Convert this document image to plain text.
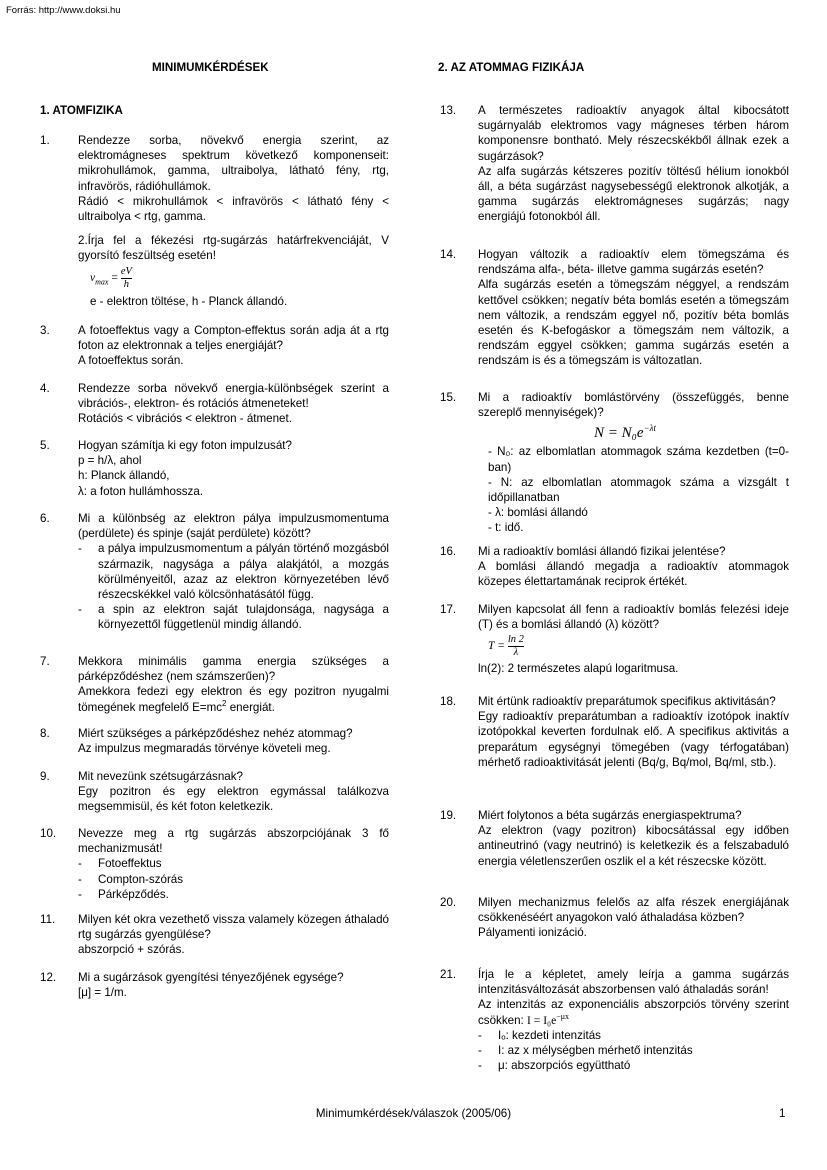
Forrás: http://www.doksi.hu
MINIMUMKÉRDÉSEK
1. ATOMFIZIKA
1. Rendezze sorba, növekvő energia szerint, az elektromágneses spektrum következő komponenseit: mikrohullámok, gamma, ultraibolya, látható fény, rtg, infravörös, rádióhullámok.

Rádió < mikrohullámok < infravörös < látható fény < ultraibolya < rtg, gamma.

2.Írja fel a fékezési rtg-sugárzás határfrekvenciáját, V gyorsító feszültség esetén!

$\nu_{max} = \frac{eV}{h}$

e - elektron töltése, h - Planck állandó.

3. A fotoeffektus vagy a Compton-effektus során adja át a rtg foton az elektronnak a teljes energiáját?

A fotoeffektus során.

4. Rendezze sorba növekvő energia-különbségek szerint a vibrációs-, elektron- és rotációs átmeneteket!

Rotációs < vibrációs < elektron - átmenet.

5. Hogyan számítja ki egy foton impulzusát?

p = h/λ, ahol

h: Planck állandó,

λ: a foton hullámhossza.

6. Mi a különbség az elektron pálya impulzusmomentuma (perdülete) és spinje (saját perdülete) között?

- a pálya impulzusmomentum a pályán történő mozgásból származik, nagysága a pálya alakjától, a mozgás körülményeitől, azaz az elektron környezetében lévő részecskékkel való kölcsönhatásától függ.

- a spin az elektron saját tulajdonsága, nagysága a környezettől függetlenül mindig állandó.

7. Mekkora minimális gamma energia szükséges a párképződéshez (nem számszerűen)?

Amekkora fedezi egy elektron és egy pozitron nyugalmi tömegének megfelelő $E=mc^2$ energiát.

8. Miért szükséges a párképződéshez nehéz atommag?

Az impulzus megmaradás törvénye követeli meg.

9. Mit nevezünk szétsugárzásnak?

Egy pozitron és egy elektron egymással találkozva megsemmisül, és két foton keletkezik.

10. Nevezze meg a rtg sugárzás abszorpciójának 3 fő mechanizmusát!

- Fotoeffektus

- Compton-szórás

- Párképződés.

11. Milyen két okra vezethető vissza valamely közegen áthaladó rtg sugárzás gyengülése?

abszorpció + szórás.

12. Mi a sugárzások gyengítési tényezőjének egysége?

[μ] = 1/m.

2. AZ ATOMMAG FIZIKÁJA
13. A természetes radioaktív anyagok által kibocsátott sugárnyaláb elektromos vagy mágneses térben három komponensre bontható. Mely részecskékből állnak ezek a sugárzások?

Az alfa sugárzás kétszeres pozitív töltésű hélium ionokból áll, a béta sugárzást nagysebességű elektronok alkotják, a gamma sugárzás elektromágneses sugárzás; nagy energiájú fotonokból áll.

14. Hogyan változik a radioaktív elem tömegszáma és rendszáma alfa-, béta- illetve gamma sugárzás esetén?

Alfa sugárzás esetén a tömegszám néggyel, a rendszám kettővel csökken; negatív béta bomlás esetén a tömegszám nem változik, a rendszám eggyel nő, pozitív béta bomlás esetén és K-befogáskor a tömegszám nem változik, a rendszám eggyel csökken; gamma sugárzás esetén a rendszám is és a tömegszám is változatlan.

15. Mi a radioaktív bomlástörvény (összefüggés, benne szereplő mennyiségek)?

$N = N_0e^{-\lambda t}$

- N₀: az elbomlatlan atommagok száma kezdetben (t=0-ban)

- N: az elbomlatlan atommagok száma a vizsgált t időpillanatban

- λ: bomlási állandó

- t: idő.

16. Mi a radioaktív bomlási állandó fizikai jelentése?

A bomlási állandó megadja a radioaktív atommagok közepes élettartamának reciprok értékét.

17. Milyen kapcsolat áll fenn a radioaktív bomlás felezési ideje (T) és a bomlási állandó (λ) között?

$T = \frac{\ln 2}{\lambda}$

ln(2): 2 természetes alapú logaritmusa.

18. Mit értünk radioaktív preparátumok specifikus aktivitásán?

Egy radioaktív preparátumban a radioaktív izotópok inaktív izotópokkal keverten fordulnak elő. A specifikus aktivitás a preparátum egységnyi tömegében (vagy térfogatában) mérhető radioaktivitását jelenti (Bq/g, Bq/mol, Bq/ml, stb.).

19. Miért folytonos a béta sugárzás energiaspektruma?

Az elektron (vagy pozitron) kibocsátással egy időben antineutrinó (vagy neutrinó) is keletkezik és a felszabaduló energia véletlenszerűen oszlik el a két részecske között.

20. Milyen mechanizmus felelős az alfa részek energiájának csökkenéséért anyagokon való áthaladása közben?

Pályamenti ionizáció.

21. Írja le a képletet, amely leírja a gamma sugárzás intenzitásváltozását abszorbensen való áthaladás során!

Az intenzitás az exponenciális abszorpciós törvény szerint csökken: $I = I_0e^{-\mu x}$

- Iₒ: kezdeti intenzitás

- I: az x mélységben mérhető intenzitás

- μ: abszorpciós együttható

Minimumkérdések/válaszok (2005/06)	1
